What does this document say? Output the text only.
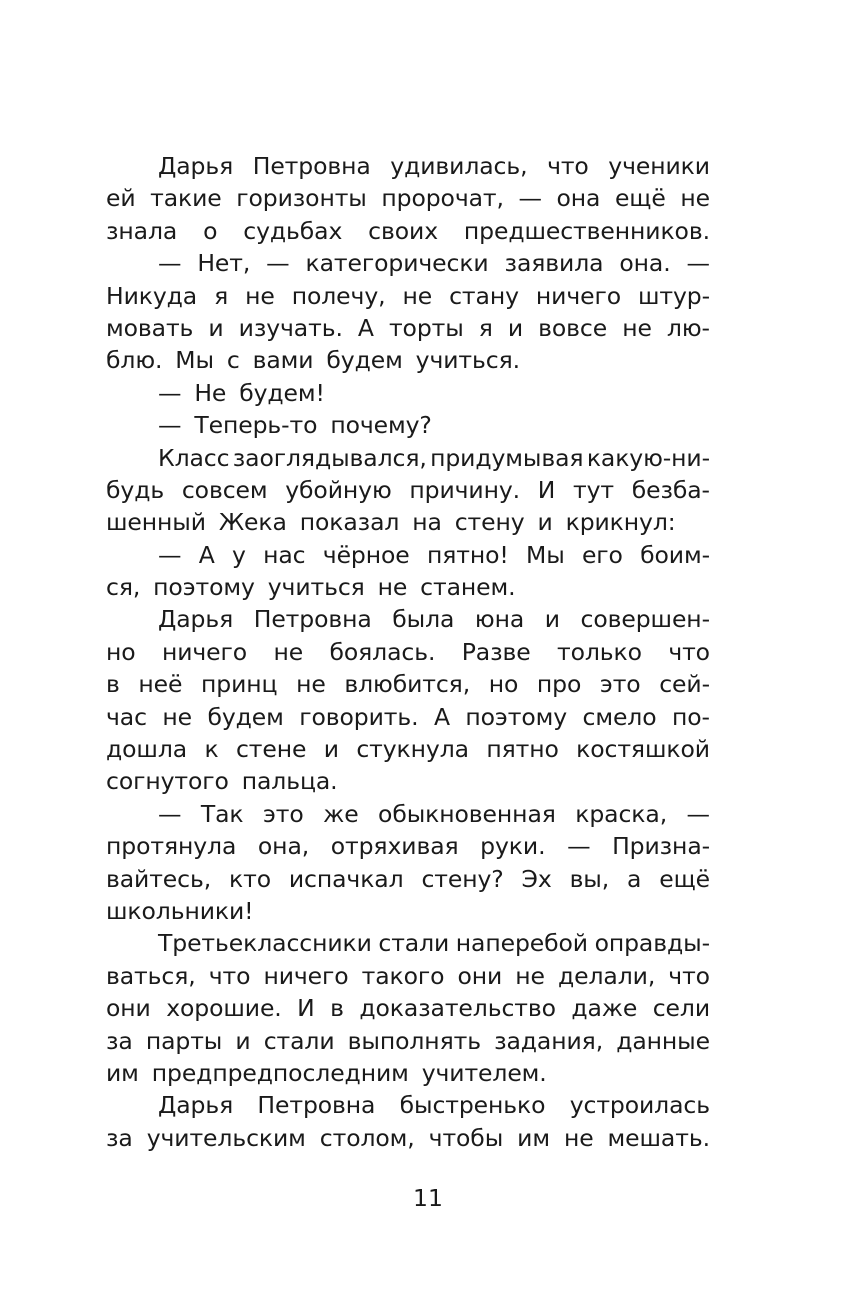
Дарья Петровна удивилась, что ученики
ей такие горизонты пророчат, — она ещё не
знала о судьбах своих предшественников.
— Нет, — категорически заявила она. —
Никуда я не полечу, не стану ничего штур-
мовать и изучать. А торты я и вовсе не лю-
блю. Мы с вами будем учиться.
— Не будем!
— Теперь-то почему?
Класс заоглядывался, придумывая какую-ни-
будь совсем убойную причину. И тут безба-
шенный Жека показал на стену и крикнул:
— А у нас чёрное пятно! Мы его боим-
ся, поэтому учиться не станем.
Дарья Петровна была юна и совершен-
но ничего не боялась. Разве только что
в неё принц не влюбится, но про это сей-
час не будем говорить. А поэтому смело по-
дошла к стене и стукнула пятно костяшкой
согнутого пальца.
— Так это же обыкновенная краска, —
протянула она, отряхивая руки. — Призна-
вайтесь, кто испачкал стену? Эх вы, а ещё
школьники!
Третьеклассники стали наперебой оправды-
ваться, что ничего такого они не делали, что
они хорошие. И в доказательство даже сели
за парты и стали выполнять задания, данные
им предпредпоследним учителем.
Дарья Петровна быстренько устроилась
за учительским столом, чтобы им не мешать.
11
